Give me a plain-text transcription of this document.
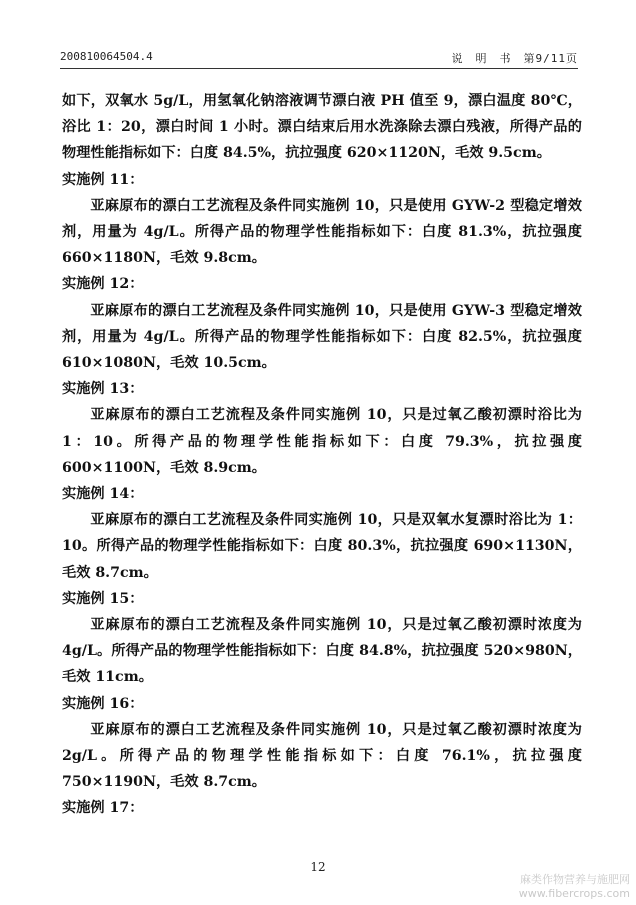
200810064504.4	说　明　书　第9/11页

如下，双氧水 5g/L，用氢氧化钠溶液调节漂白液 PH 值至 9，漂白温度 80℃，浴比 1：20，漂白时间 1 小时。漂白结束后用水洗涤除去漂白残液，所得产品的物理性能指标如下：白度 84.5%，抗拉强度 620×1120N，毛效 9.5cm。

实施例 11：

亚麻原布的漂白工艺流程及条件同实施例 10，只是使用 GYW-2 型稳定增效剂，用量为 4g/L。所得产品的物理学性能指标如下：白度 81.3%，抗拉强度 660×1180N，毛效 9.8cm。

实施例 12：

亚麻原布的漂白工艺流程及条件同实施例 10，只是使用 GYW-3 型稳定增效剂，用量为 4g/L。所得产品的物理学性能指标如下：白度 82.5%，抗拉强度 610×1080N，毛效 10.5cm。

实施例 13：

亚麻原布的漂白工艺流程及条件同实施例 10，只是过氧乙酸初漂时浴比为 1：10。所得产品的物理学性能指标如下：白度 79.3%，抗拉强度 600×1100N，毛效 8.9cm。

实施例 14：

亚麻原布的漂白工艺流程及条件同实施例 10，只是双氧水复漂时浴比为 1：10。所得产品的物理学性能指标如下：白度 80.3%，抗拉强度 690×1130N，毛效 8.7cm。

实施例 15：

亚麻原布的漂白工艺流程及条件同实施例 10，只是过氧乙酸初漂时浓度为 4g/L。所得产品的物理学性能指标如下：白度 84.8%，抗拉强度 520×980N，毛效 11cm。

实施例 16：

亚麻原布的漂白工艺流程及条件同实施例 10，只是过氧乙酸初漂时浓度为 2g/L。所得产品的物理学性能指标如下：白度 76.1%，抗拉强度 750×1190N，毛效 8.7cm。

实施例 17：

12
麻类作物营养与施肥网
www.fibercrops.com
